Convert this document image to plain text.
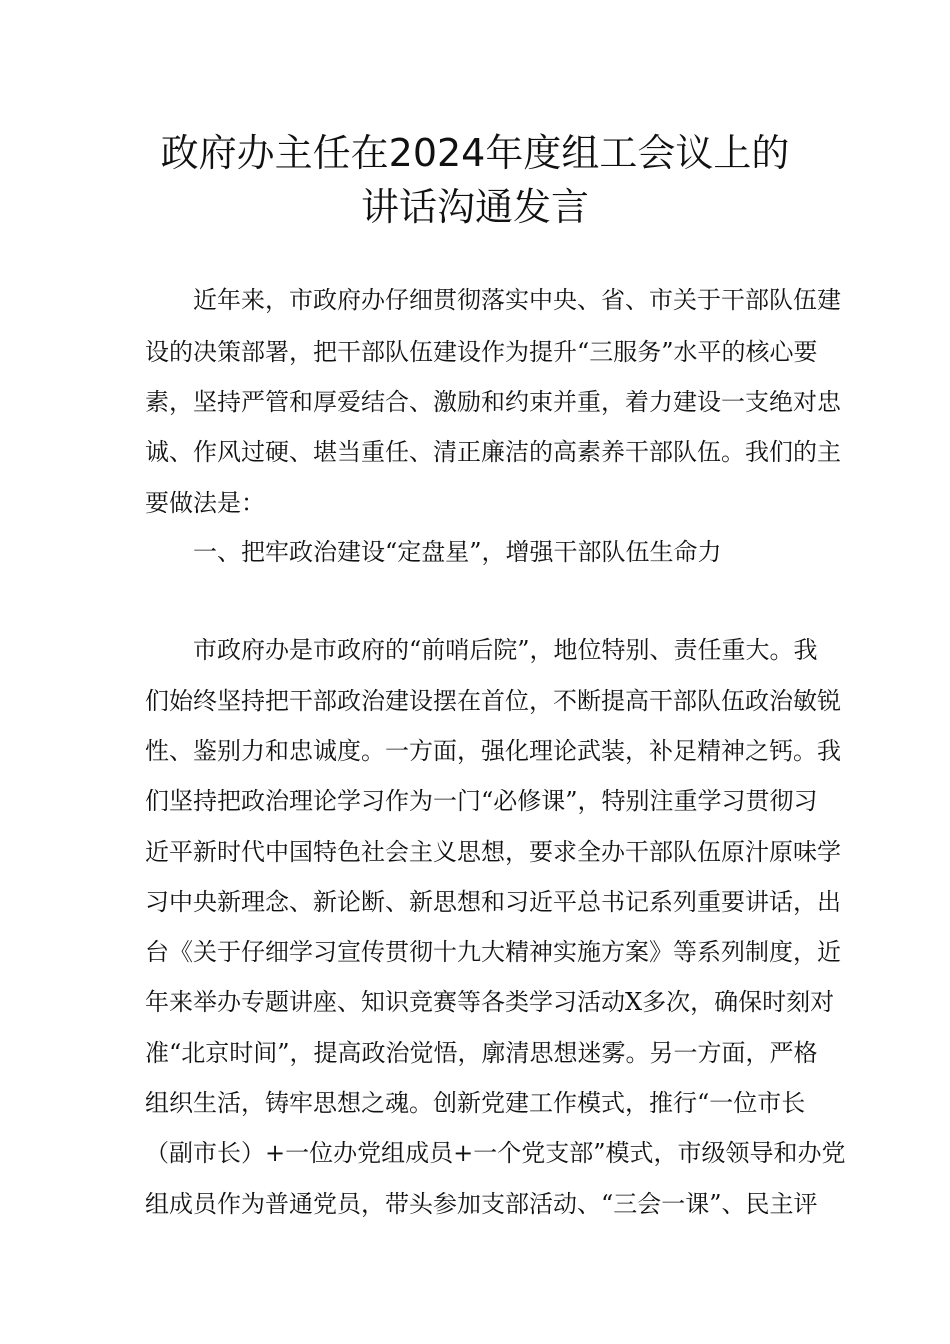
政府办主任在2024年度组工会议上的
讲话沟通发言
近年来，市政府办仔细贯彻落实中央、省、市关于干部队伍建
设的决策部署，把干部队伍建设作为提升“三服务”水平的核心要
素，坚持严管和厚爱结合、激励和约束并重，着力建设一支绝对忠
诚、作风过硬、堪当重任、清正廉洁的高素养干部队伍。我们的主
要做法是：
一、把牢政治建设“定盘星”，增强干部队伍生命力
市政府办是市政府的“前哨后院”，地位特别、责任重大。我
们始终坚持把干部政治建设摆在首位，不断提高干部队伍政治敏锐
性、鉴别力和忠诚度。一方面，强化理论武装，补足精神之钙。我
们坚持把政治理论学习作为一门“必修课”，特别注重学习贯彻习
近平新时代中国特色社会主义思想，要求全办干部队伍原汁原味学
习中央新理念、新论断、新思想和习近平总书记系列重要讲话，出
台《关于仔细学习宣传贯彻十九大精神实施方案》等系列制度，近
年来举办专题讲座、知识竞赛等各类学习活动X多次，确保时刻对
准“北京时间”，提高政治觉悟，廓清思想迷雾。另一方面，严格
组织生活，铸牢思想之魂。创新党建工作模式，推行“一位市长
（副市长）+一位办党组成员+一个党支部”模式，市级领导和办党
组成员作为普通党员，带头参加支部活动、“三会一课”、民主评
